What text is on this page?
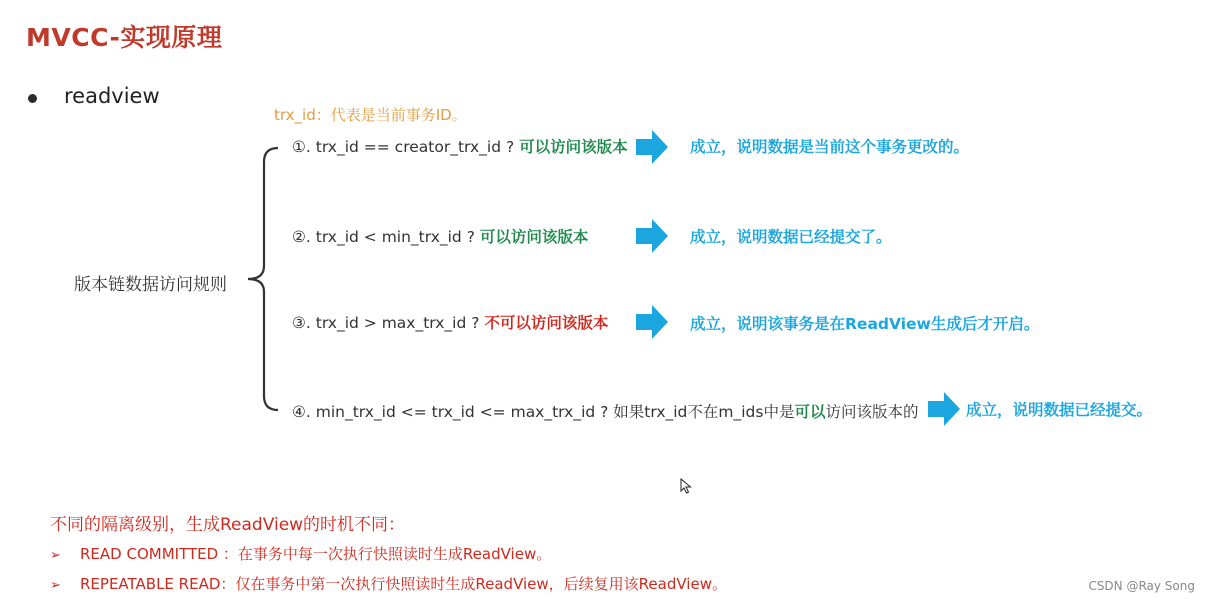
MVCC-实现原理
readview
trx_id：代表是当前事务ID。
版本链数据访问规则
①. trx_id == creator_trx_id ? 可以访问该版本	成立，说明数据是当前这个事务更改的。
②. trx_id < min_trx_id ? 可以访问该版本	成立，说明数据已经提交了。
③. trx_id > max_trx_id ? 不可以访问该版本	成立，说明该事务是在ReadView生成后才开启。
④. min_trx_id <= trx_id <= max_trx_id ? 如果trx_id不在m_ids中是可以访问该版本的	成立，说明数据已经提交。
不同的隔离级别，生成ReadView的时机不同：
➢ READ COMMITTED ：在事务中每一次执行快照读时生成ReadView。
➢ REPEATABLE READ：仅在事务中第一次执行快照读时生成ReadView，后续复用该ReadView。	CSDN @Ray Song
